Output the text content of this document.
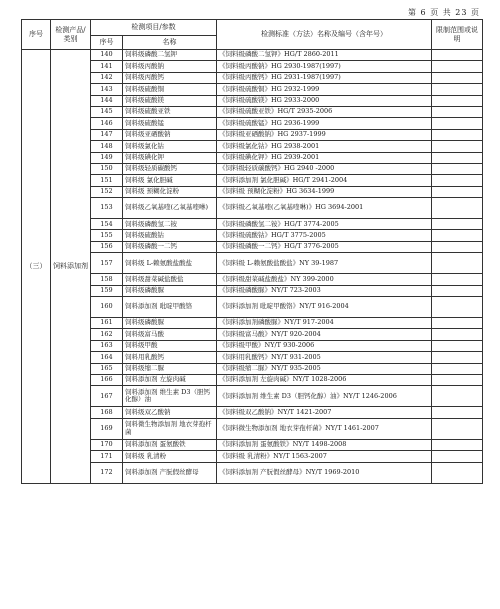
第 6 页 共 23 页
序号	检测产品/类别	检测项目/参数		检测标准（方法）名称及编号（含年号）	限制范围或说明
		序号	名称		
（三）	饲料添加剂	140	饲料级磷酸二氢钾	《饲料级磷酸二氢钾》HG/T 2860-2011	
		141	饲料级丙酸钠	《饲料级丙酸钠》HG 2930-1987(1997)	
		142	饲料级丙酸钙	《饲料级丙酸钙》HG 2931-1987(1997)	
		143	饲料级硫酸铜	《饲料级硫酸铜》HG 2932-1999	
		144	饲料级硫酸镁	《饲料级硫酸镁》HG 2933-2000	
		145	饲料级硫酸亚铁	《饲料级硫酸亚铁》HG/T 2935-2006	
		146	饲料级硫酸锰	《饲料级硫酸锰》HG 2936-1999	
		147	饲料级亚硒酸钠	《饲料级亚硒酸钠》HG 2937-1999	
		148	饲料级氯化钴	《饲料级氯化钴》HG 2938-2001	
		149	饲料级碘化钾	《饲料级碘化钾》HG 2939-2001	
		150	饲料级轻质碳酸钙	《饲料级轻质碳酸钙》HG 2940 -2000	
		151	饲料级 氯化胆碱	《饲料添加剂 氯化胆碱》HG/T 2941-2004	
		152	饲料级 预糊化淀粉	《饲料级 预糊化淀粉》HG 3634-1999	
		153	饲料级乙氧基喹(乙氧基喹啉)	《饲料级乙氧基喹(乙氧基喹啉)》HG 3694-2001	
		154	饲料级磷酸氢二铵	《饲料级磷酸氢二铵》HG/T 3774-2005	
		155	饲料级硫酸钴	《饲料级硫酸钴》HG/T 3775-2005	
		156	饲料级磷酸一二钙	《饲料级磷酸一二钙》HG/T 3776-2005	
		157	饲料级 L-赖氨酸盐酸盐	《饲料级 L-赖氨酸盐酸盐》NY 39-1987	
		158	饲料级甜菜碱盐酸盐	《饲料级甜菜碱盐酸盐》NY 399-2000	
		159	饲料级磷酸脲	《饲料级磷酸脲》NY/T 723-2003	
		160	饲料添加剂 吡啶甲酸铬	《饲料添加剂 吡啶甲酸铬》NY/T 916-2004	
		161	饲料级磷酸脲	《饲料添加剂磷酸脲》NY/T 917-2004	
		162	饲料级富马酸	《饲料级富马酸》NY/T 920-2004	
		163	饲料级甲酸	《饲料级甲酸》NY/T 930-2006	
		164	饲料用乳酸钙	《饲料用乳酸钙》NY/T 931-2005	
		165	饲料级缩二脲	《饲料级缩二脲》NY/T 935-2005	
		166	饲料添加剂 左旋肉碱	《饲料添加剂 左旋肉碱》NY/T 1028-2006	
		167	饲料添加剂 维生素 D3（胆钙化醇）油	《饲料添加剂 维生素 D3（胆钙化醇）油》NY/T 1246-2006	
		168	饲料级双乙酸钠	《饲料级双乙酸钠》NY/T 1421-2007	
		169	饲料微生物添加剂 地衣芽孢杆菌	《饲料微生物添加剂 地衣芽孢杆菌》NY/T 1461-2007	
		170	饲料添加剂 蛋氨酸铁	《饲料添加剂 蛋氨酸铁》NY/T 1498-2008	
		171	饲料级 乳清粉	《饲料级 乳清粉》NY/T 1563-2007	
		172	饲料添加剂 产朊假丝酵母	《饲料添加剂 产朊假丝酵母》NY/T 1969-2010	
